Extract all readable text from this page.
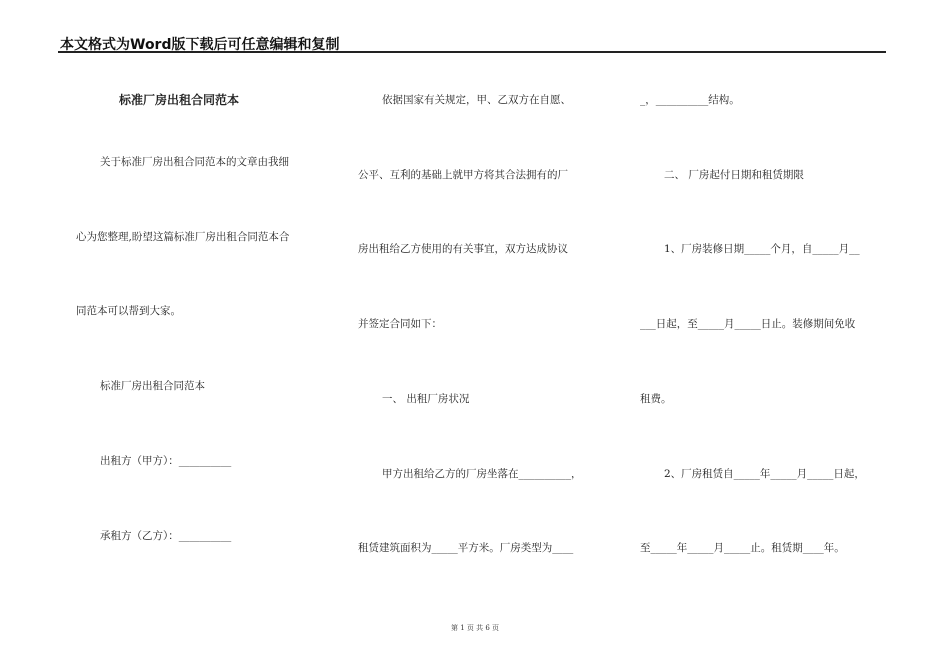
本文格式为Word版下载后可任意编辑和复制
标准厂房出租合同范本
关于标准厂房出租合同范本的文章由我细
心为您整理,盼望这篇标准厂房出租合同范本合
同范本可以帮到大家。
标准厂房出租合同范本
出租方（甲方）：__________
承租方（乙方）：__________
依据国家有关规定，甲、乙双方在自愿、
公平、互利的基础上就甲方将其合法拥有的厂
房出租给乙方使用的有关事宜，双方达成协议
并签定合同如下：
一、 出租厂房状况
甲方出租给乙方的厂房坐落在__________，
租赁建筑面积为_____平方米。厂房类型为____
_，__________结构。
二、 厂房起付日期和租赁期限
1、厂房装修日期_____个月，自_____月__
___日起，至_____月_____日止。装修期间免收
租费。
2、厂房租赁自_____年_____月_____日起，
至_____年_____月_____止。租赁期____年。
第 1 页 共 6 页
